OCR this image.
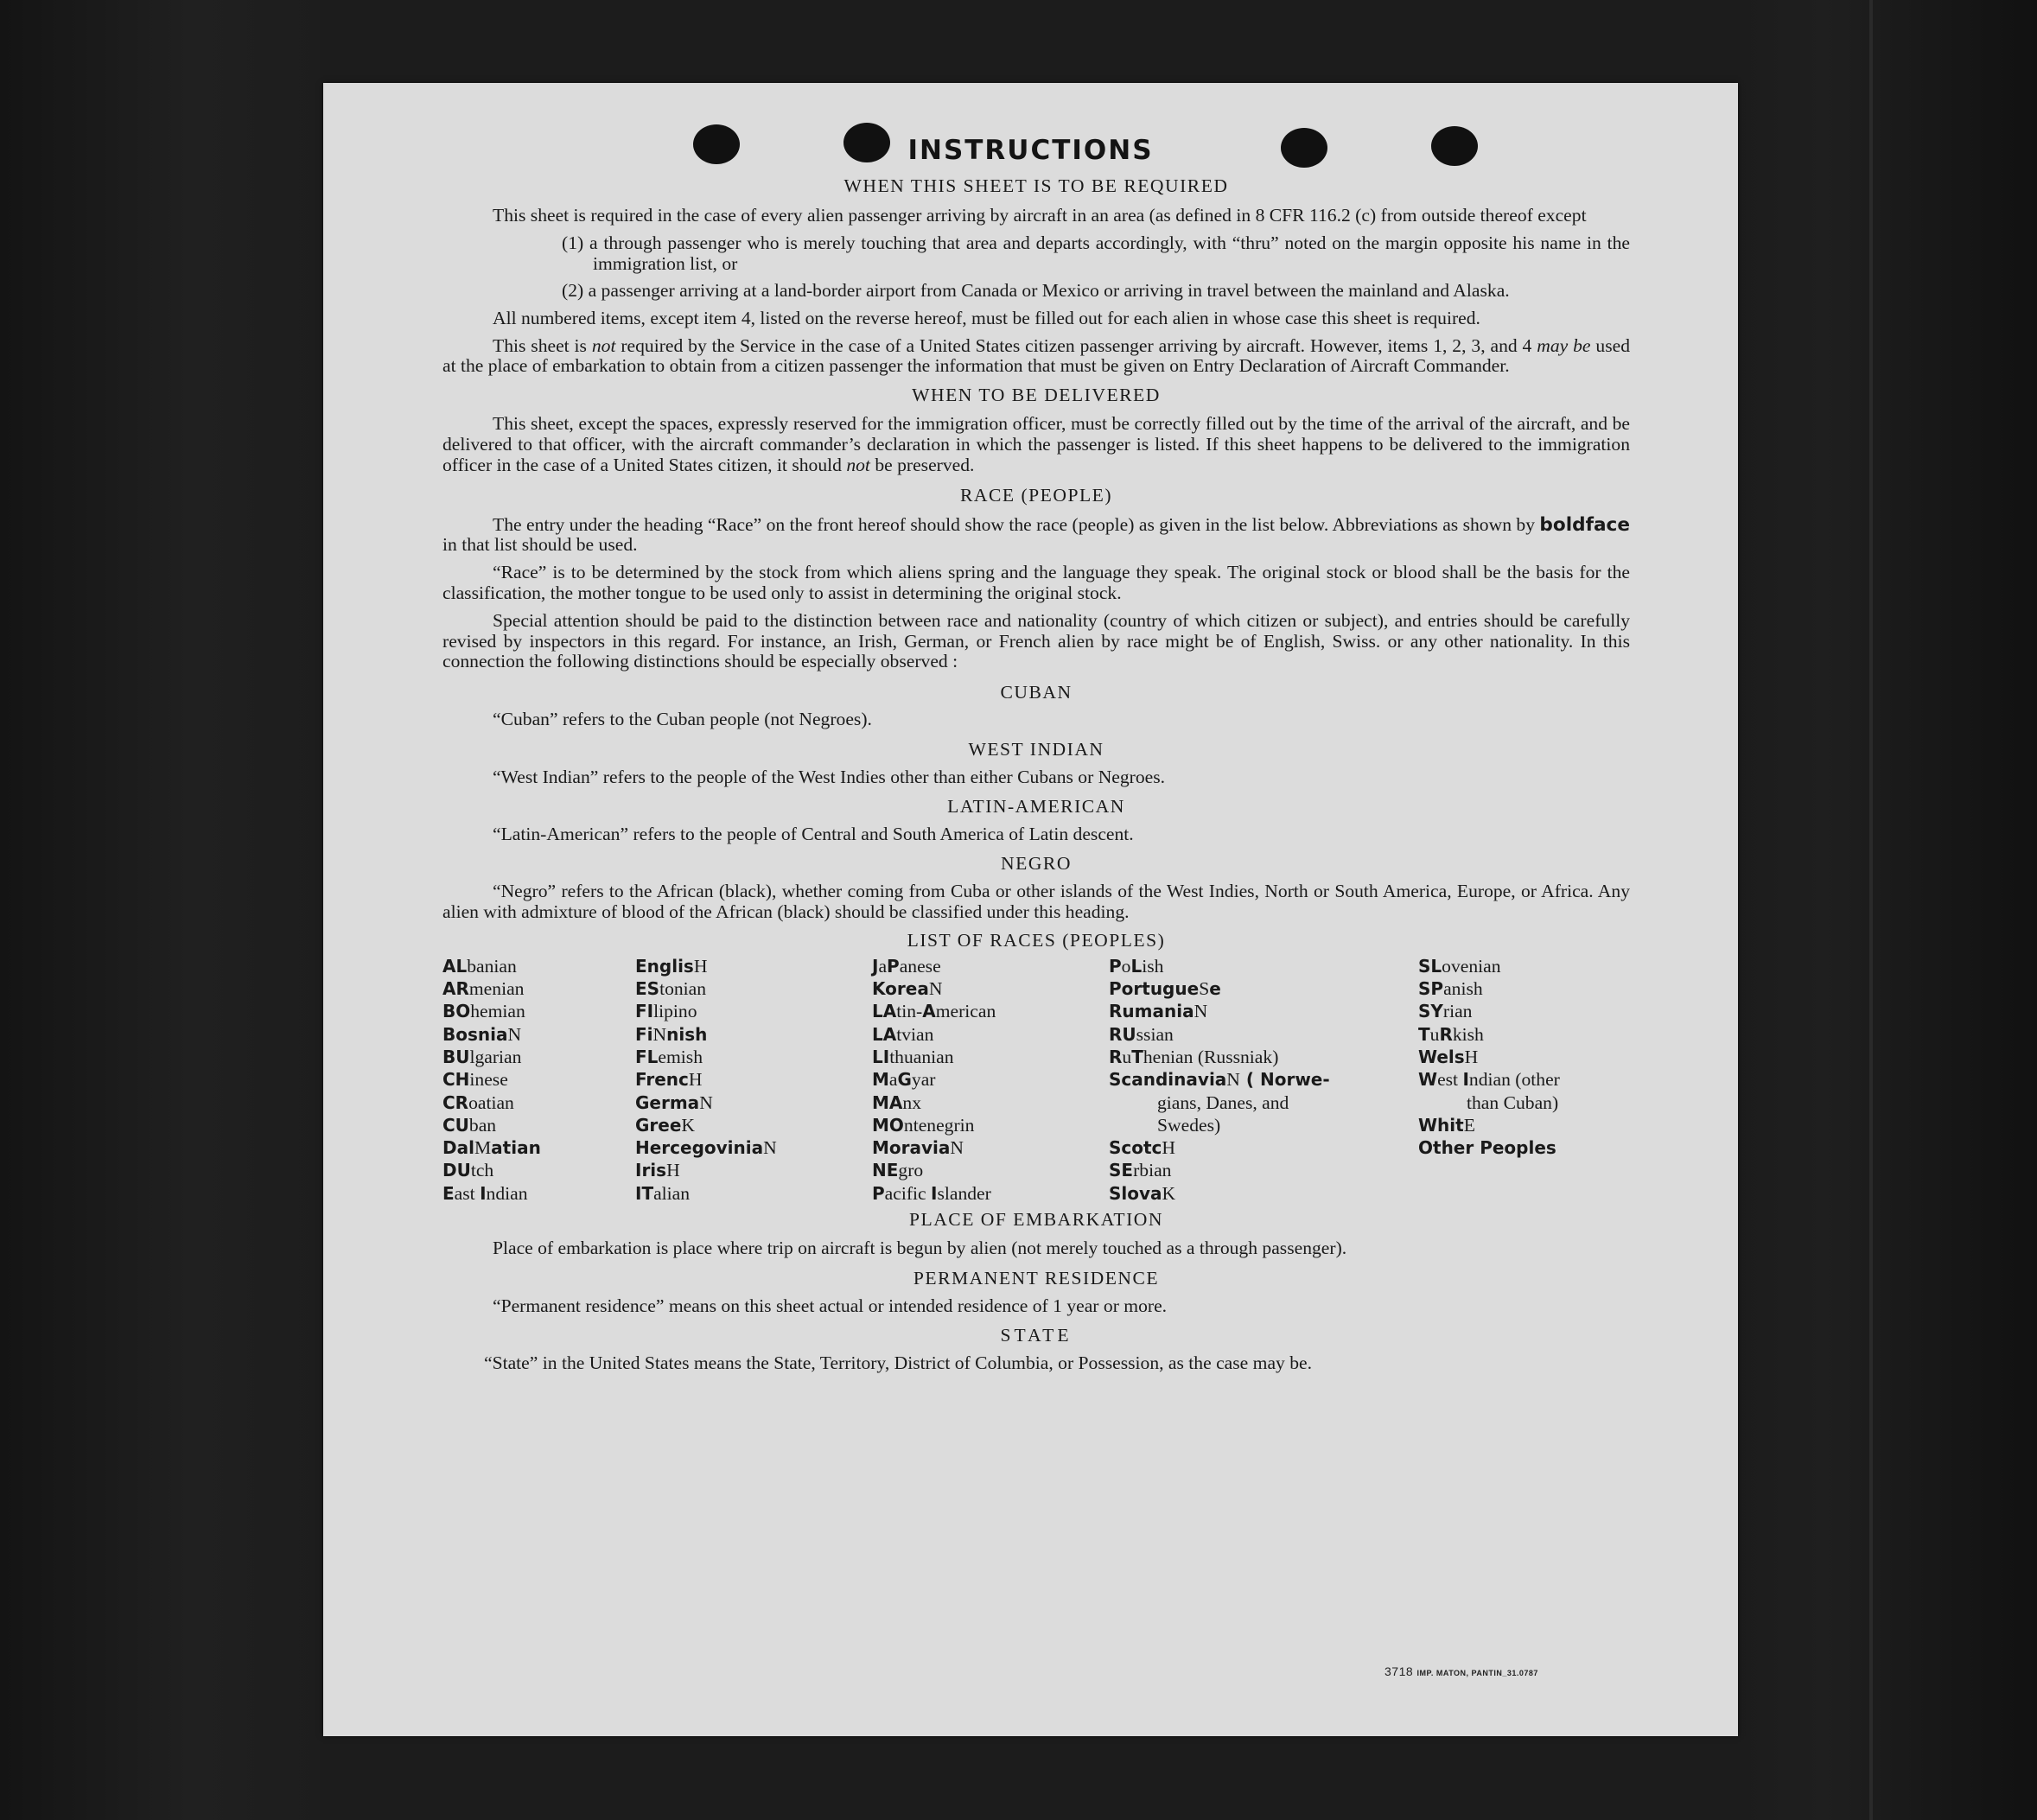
INSTRUCTIONS

WHEN THIS SHEET IS TO BE REQUIRED

This sheet is required in the case of every alien passenger arriving by aircraft in an area (as defined in 8 CFR 116.2 (c) from outside thereof except

(1) a through passenger who is merely touching that area and departs accordingly, with “thru” noted on the margin opposite his name in the immigration list, or

(2) a passenger arriving at a land-border airport from Canada or Mexico or arriving in travel between the mainland and Alaska.

All numbered items, except item 4, listed on the reverse hereof, must be filled out for each alien in whose case this sheet is required.

This sheet is not required by the Service in the case of a United States citizen passenger arriving by aircraft. However, items 1, 2, 3, and 4 may be used at the place of embarkation to obtain from a citizen passenger the information that must be given on Entry Declaration of Aircraft Commander.

WHEN TO BE DELIVERED

This sheet, except the spaces, expressly reserved for the immigration officer, must be correctly filled out by the time of the arrival of the aircraft, and be delivered to that officer, with the aircraft commander’s declaration in which the passenger is listed. If this sheet happens to be delivered to the immigration officer in the case of a United States citizen, it should not be preserved.

RACE (PEOPLE)

The entry under the heading “Race” on the front hereof should show the race (people) as given in the list below. Abbreviations as shown by boldface in that list should be used.

“Race” is to be determined by the stock from which aliens spring and the language they speak. The original stock or blood shall be the basis for the classification, the mother tongue to be used only to assist in determining the original stock.

Special attention should be paid to the distinction between race and nationality (country of which citizen or subject), and entries should be carefully revised by inspectors in this regard. For instance, an Irish, German, or French alien by race might be of English, Swiss. or any other nationality. In this connection the following distinctions should be especially observed :

CUBAN

“Cuban” refers to the Cuban people (not Negroes).

WEST INDIAN

“West Indian” refers to the people of the West Indies other than either Cubans or Negroes.

LATIN-AMERICAN

“Latin-American” refers to the people of Central and South America of Latin descent.

NEGRO

“Negro” refers to the African (black), whether coming from Cuba or other islands of the West Indies, North or South America, Europe, or Africa. Any alien with admixture of blood of the African (black) should be classified under this heading.

LIST OF RACES (PEOPLES)

ALbanian
ARmenian
BOhemian
BosniaN
BUlgarian
CHinese
CRoatian
CUban
DalMatian
DUtch
East Indian
EnglisH
EStonian
FIlipino
FiNnish
FLemish
FrencH
GermaN
GreeK
HercegoviniaN
IrisH
ITalian
JaPanese
KoreaN
LAtin-American
LAtvian
LIthuanian
MaGyar
MAnx
MOntenegrin
MoraviaN
NEgro
Pacific Islander
PoLish
PortugueSe
RumaniaN
RUssian
RuThenian (Russniak)
ScandinaviaN ( Norwe-
gians, Danes, and
Swedes)
ScotcH
SErbian
SlovaK
SLovenian
SPanish
SYrian
TuRkish
WelsH
West Indian (other
than Cuban)
WhitE
Other Peoples

PLACE OF EMBARKATION

Place of embarkation is place where trip on aircraft is begun by alien (not merely touched as a through passenger).

PERMANENT RESIDENCE

“Permanent residence” means on this sheet actual or intended residence of 1 year or more.

STATE

“State” in the United States means the State, Territory, District of Columbia, or Possession, as the case may be.

3718 IMP. MATON, PANTIN_31.0787
